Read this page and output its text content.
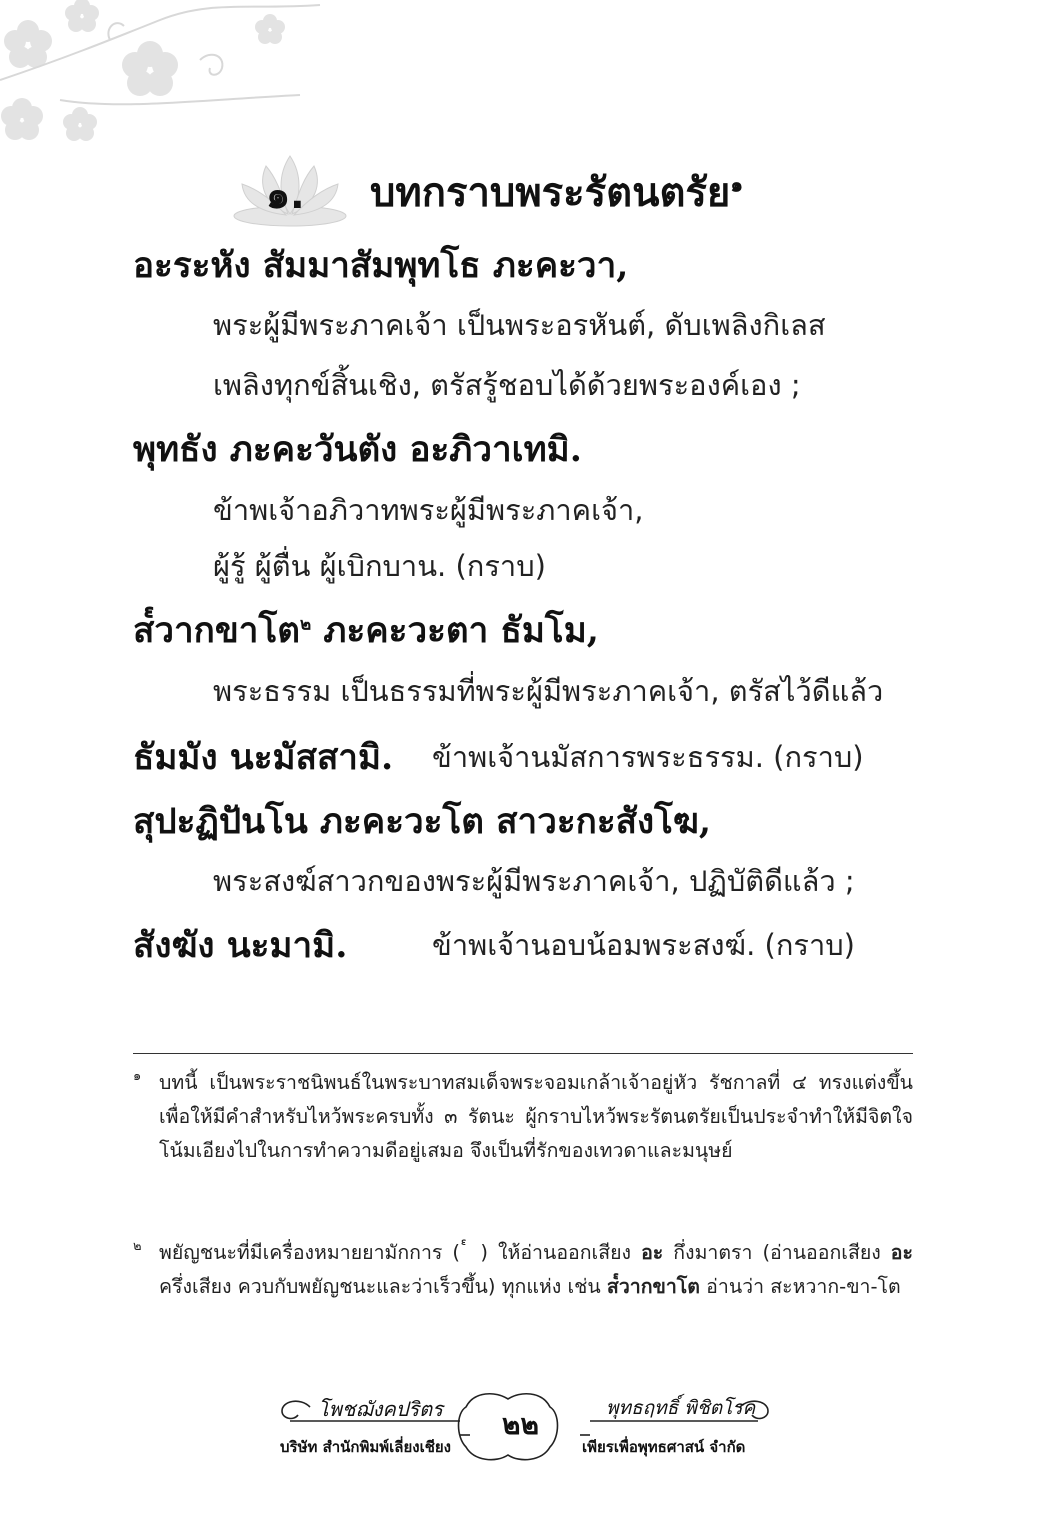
๑. บทกราบพระรัตนตรัย$^๑$
อะระหัง สัมมาสัมพุทโธ ภะคะวา,
พระผู้มีพระภาคเจ้า เป็นพระอรหันต์, ดับเพลิงกิเลส
เพลิงทุกข์สิ้นเชิง, ตรัสรู้ชอบได้ด้วยพระองค์เอง ;
พุทธัง ภะคะวันตัง อะภิวาเทมิ.
ข้าพเจ้าอภิวาทพระผู้มีพระภาคเจ้า,
ผู้รู้ ผู้ตื่น ผู้เบิกบาน. (กราบ)
ส๎วากขาโต$^๒$ ภะคะวะตา ธัมโม,
พระธรรม เป็นธรรมที่พระผู้มีพระภาคเจ้า, ตรัสไว้ดีแล้ว
ธัมมัง นะมัสสามิ. ข้าพเจ้านมัสการพระธรรม. (กราบ)
สุปะฏิปันโน ภะคะวะโต สาวะกะสังโฆ,
พระสงฆ์สาวกของพระผู้มีพระภาคเจ้า, ปฏิบัติดีแล้ว ;
สังฆัง นะมามิ.	ข้าพเจ้านอบน้อมพระสงฆ์. (กราบ)
๑ บทนี้ เป็นพระราชนิพนธ์ในพระบาทสมเด็จพระจอมเกล้าเจ้าอยู่หัว รัชกาลที่ ๔ ทรงแต่งขึ้นเพื่อให้มีคำสำหรับไหว้พระครบทั้ง ๓ รัตนะ ผู้กราบไหว้พระรัตนตรัยเป็นประจำทำให้มีจิตใจโน้มเอียงไปในการทำความดีอยู่เสมอ จึงเป็นที่รักของเทวดาและมนุษย์
๒ พยัญชนะที่มีเครื่องหมายยามักการ ( ๎ ) ให้อ่านออกเสียง อะ กึ่งมาตรา (อ่านออกเสียง อะ ครึ่งเสียง ควบกับพยัญชนะและว่าเร็วขึ้น) ทุกแห่ง เช่น ส๎วากขาโต อ่านว่า สะหวาก-ขา-โต
โพชฌังคปริตร	พุทธฤทธิ์ พิชิตโรค
๒๒
บริษัท สำนักพิมพ์เลี่ยงเชียง	เพียรเพื่อพุทธศาสน์ จำกัด
